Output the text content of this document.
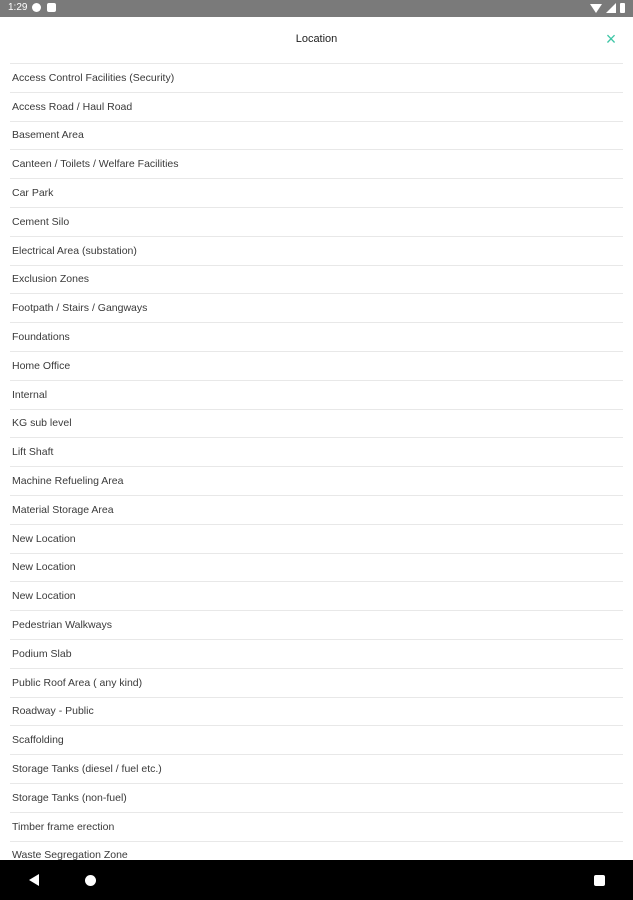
1:29
Location	×
Access Control Facilities (Security)
Access Road / Haul Road
Basement Area
Canteen / Toilets / Welfare Facilities
Car Park
Cement Silo
Electrical Area (substation)
Exclusion Zones
Footpath / Stairs / Gangways
Foundations
Home Office
Internal
KG sub level
Lift Shaft
Machine Refueling Area
Material Storage Area
New Location
New Location
New Location
Pedestrian Walkways
Podium Slab
Public Roof Area ( any kind)
Roadway - Public
Scaffolding
Storage Tanks (diesel / fuel etc.)
Storage Tanks (non-fuel)
Timber frame erection
Waste Segregation Zone
